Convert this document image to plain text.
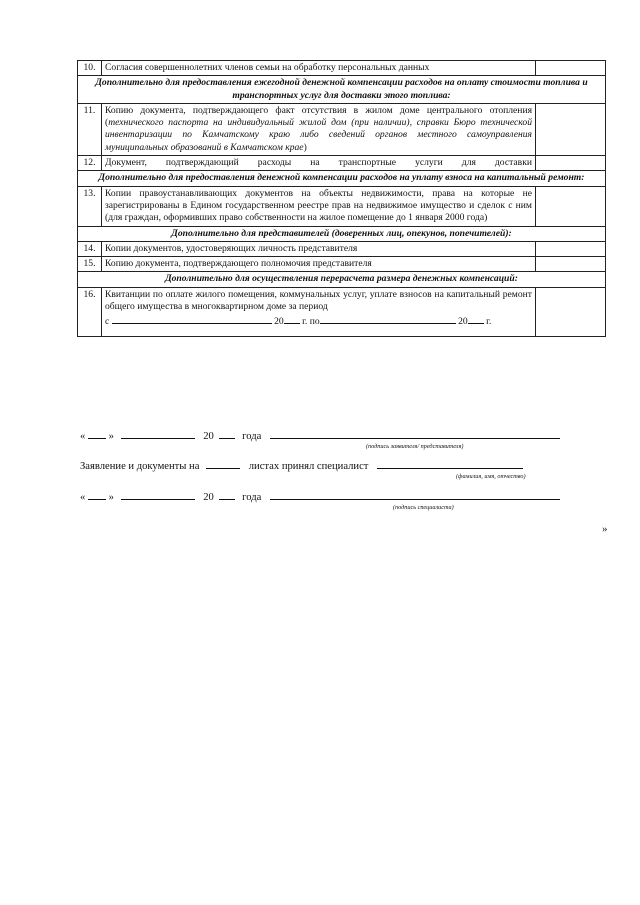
10.	Согласия совершеннолетних членов семьи на обработку персональных данных	
Дополнительно для предоставления ежегодной денежной компенсации расходов на оплату стоимости топлива и транспортных услуг для доставки этого топлива:		
11.	Копию документа, подтверждающего факт отсутствия в жилом доме центрального отопления (технического паспорта на индивидуальный жилой дом (при наличии), справки Бюро технической инвентаризации по Камчатскому краю либо сведений органов местного самоуправления муниципальных образований в Камчатском крае)	
12.	Документ, подтверждающий расходы на транспортные услуги для доставки	
Дополнительно для предоставления денежной компенсации расходов на уплату взноса на капитальный ремонт:		
13.	Копии правоустанавливающих документов на объекты недвижимости, права на которые не зарегистрированы в Едином государственном реестре прав на недвижимое имущество и сделок с ним (для граждан, оформивших право собственности на жилое помещение до 1 января 2000 года)	
Дополнительно для представителей (доверенных лиц, опекунов, попечителей):		
14.	Копии документов, удостоверяющих личность представителя	
15.	Копию документа, подтверждающего полномочия представителя	
Дополнительно для осуществления перерасчета размера денежных компенсаций:		
16.	Квитанции по оплате жилого помещения, коммунальных услуг, уплате взносов на капитальный ремонт общего имущества в многоквартирном доме за период
с 20 г. по 20 г.	
« »	20	года
(подпись заявителя/ представителя)
Заявление и документы на	листах принял специалист
(фамилия, имя, отчество)
« »	20	года
(подпись специалиста)
»
